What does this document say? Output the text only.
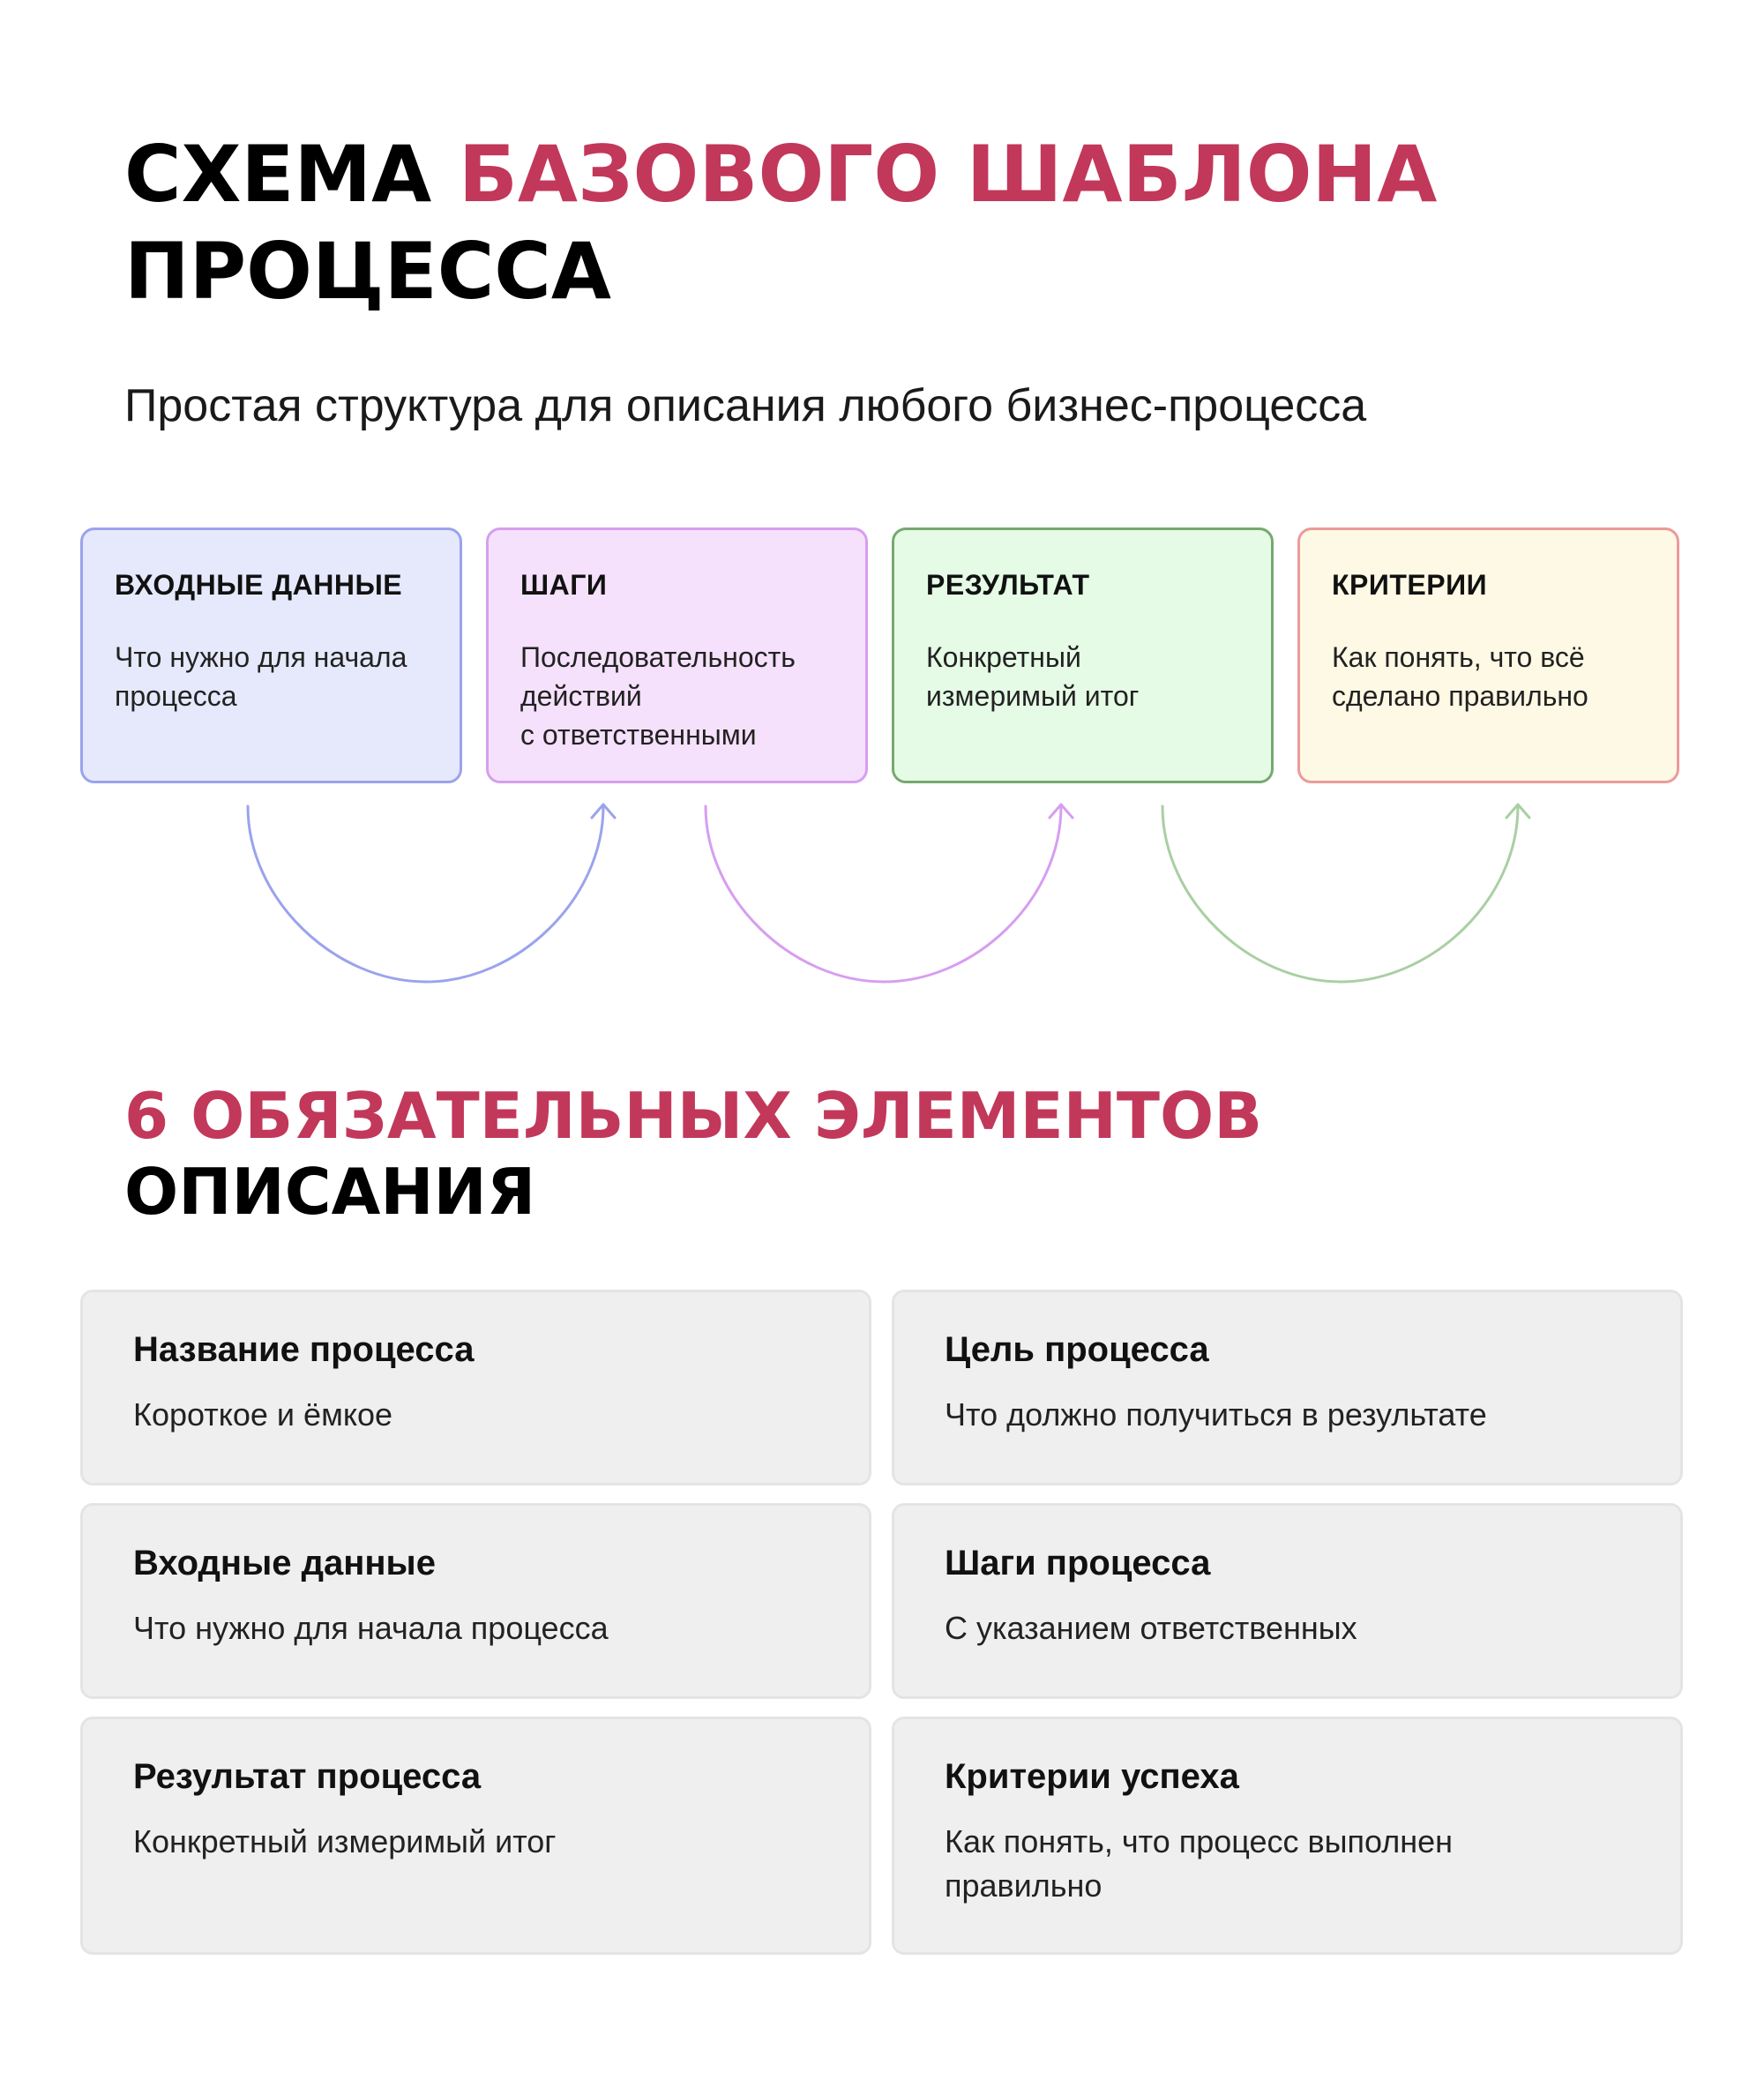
СХЕМА БАЗОВОГО ШАБЛОНА
ПРОЦЕССА

Простая структура для описания любого бизнес-процесса

ВХОДНЫЕ ДАННЫЕ
Что нужно для начала
процесса
ШАГИ
Последовательность
действий
с ответственными
РЕЗУЛЬТАТ
Конкретный
измеримый итог
КРИТЕРИИ
Как понять, что всё
сделано правильно
6 ОБЯЗАТЕЛЬНЫХ ЭЛЕМЕНТОВ
ОПИСАНИЯ
Название процесса
Короткое и ёмкое
Цель процесса
Что должно получиться в результате
Входные данные
Что нужно для начала процесса
Шаги процесса
С указанием ответственных
Результат процесса
Конкретный измеримый итог
Критерии успеха
Как понять, что процесс выполнен
правильно
